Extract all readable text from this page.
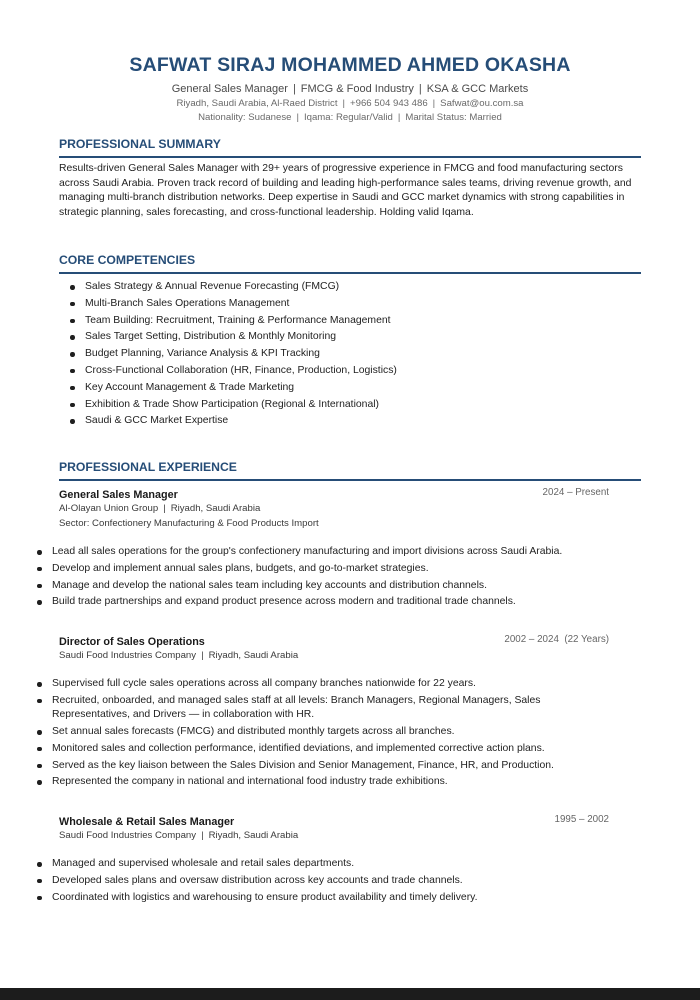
SAFWAT SIRAJ MOHAMMED AHMED OKASHA
General Sales Manager | FMCG & Food Industry | KSA & GCC Markets
Riyadh, Saudi Arabia, Al-Raed District | +966 504 943 486 | Safwat@ou.com.sa
Nationality: Sudanese | Iqama: Regular/Valid | Marital Status: Married
PROFESSIONAL SUMMARY
Results-driven General Sales Manager with 29+ years of progressive experience in FMCG and food manufacturing sectors across Saudi Arabia. Proven track record of building and leading high-performance sales teams, driving revenue growth, and managing multi-branch distribution networks. Deep expertise in Saudi and GCC market dynamics with strong capabilities in strategic planning, sales forecasting, and cross-functional leadership. Holding valid Iqama.
CORE COMPETENCIES
Sales Strategy & Annual Revenue Forecasting (FMCG)
Multi-Branch Sales Operations Management
Team Building: Recruitment, Training & Performance Management
Sales Target Setting, Distribution & Monthly Monitoring
Budget Planning, Variance Analysis & KPI Tracking
Cross-Functional Collaboration (HR, Finance, Production, Logistics)
Key Account Management & Trade Marketing
Exhibition & Trade Show Participation (Regional & International)
Saudi & GCC Market Expertise
PROFESSIONAL EXPERIENCE
General Sales Manager	2024 – Present
Al-Olayan Union Group | Riyadh, Saudi Arabia
Sector: Confectionery Manufacturing & Food Products Import
Lead all sales operations for the group's confectionery manufacturing and import divisions across Saudi Arabia.
Develop and implement annual sales plans, budgets, and go-to-market strategies.
Manage and develop the national sales team including key accounts and distribution channels.
Build trade partnerships and expand product presence across modern and traditional trade channels.
Director of Sales Operations	2002 – 2024  (22 Years)
Saudi Food Industries Company | Riyadh, Saudi Arabia
Supervised full cycle sales operations across all company branches nationwide for 22 years.
Recruited, onboarded, and managed sales staff at all levels: Branch Managers, Regional Managers, Sales Representatives, and Drivers — in collaboration with HR.
Set annual sales forecasts (FMCG) and distributed monthly targets across all branches.
Monitored sales and collection performance, identified deviations, and implemented corrective action plans.
Served as the key liaison between the Sales Division and Senior Management, Finance, HR, and Production.
Represented the company in national and international food industry trade exhibitions.
Wholesale & Retail Sales Manager	1995 – 2002
Saudi Food Industries Company | Riyadh, Saudi Arabia
Managed and supervised wholesale and retail sales departments.
Developed sales plans and oversaw distribution across key accounts and trade channels.
Coordinated with logistics and warehousing to ensure product availability and timely delivery.
